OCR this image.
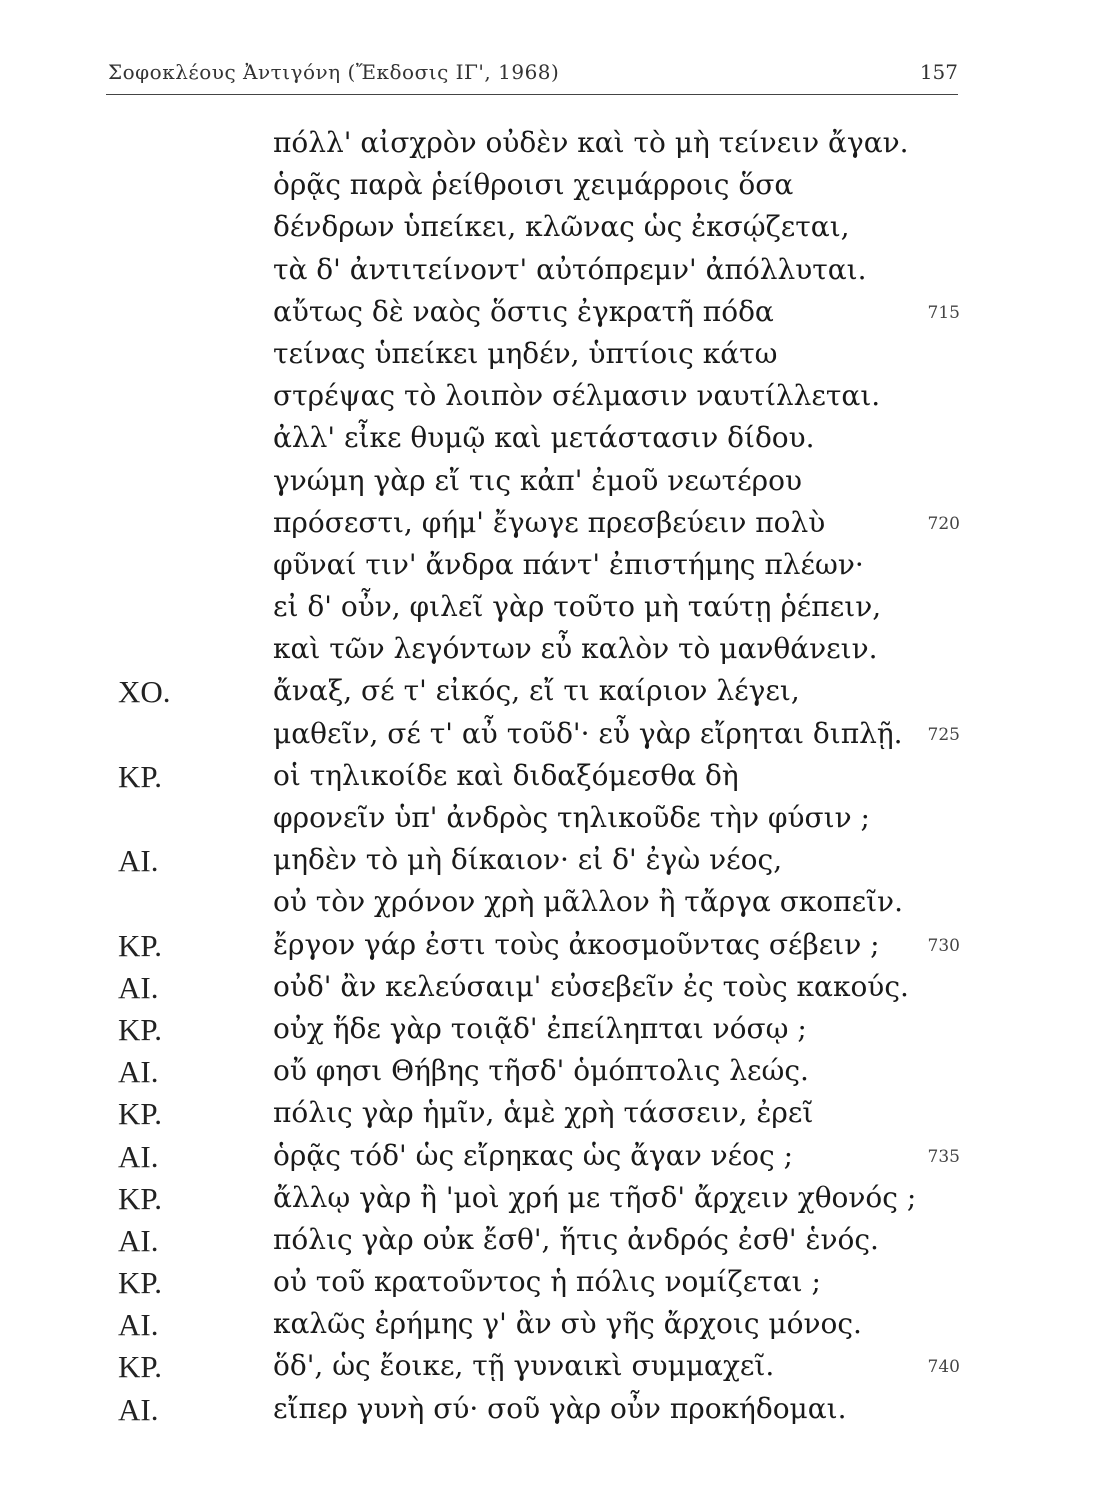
Σοφοκλέους Ἀντιγόνη (Ἔκδοσις ΙΓ', 1968)	157
πόλλ' αἰσχρὸν οὐδὲν καὶ τὸ μὴ τείνειν ἄγαν.
ὁρᾷς παρὰ ῥείθροισι χειμάρροις ὅσα
δένδρων ὑπείκει, κλῶνας ὡς ἐκσῴζεται,
τὰ δ' ἀντιτείνοντ' αὐτόπρεμν' ἀπόλλυται.
αὔτως δὲ ναὸς ὅστις ἐγκρατῆ πόδα	715
τείνας ὑπείκει μηδέν, ὑπτίοις κάτω
στρέψας τὸ λοιπὸν σέλμασιν ναυτίλλεται.
ἀλλ' εἶκε θυμῷ καὶ μετάστασιν δίδου.
γνώμη γὰρ εἴ τις κἀπ' ἐμοῦ νεωτέρου
πρόσεστι, φήμ' ἔγωγε πρεσβεύειν πολὺ	720
φῦναί τιν' ἄνδρα πάντ' ἐπιστήμης πλέων·
εἰ δ' οὖν, φιλεῖ γὰρ τοῦτο μὴ ταύτῃ ῥέπειν,
καὶ τῶν λεγόντων εὖ καλὸν τὸ μανθάνειν.
ΧΟ.	ἄναξ, σέ τ' εἰκός, εἴ τι καίριον λέγει,
μαθεῖν, σέ τ' αὖ τοῦδ'· εὖ γὰρ εἴρηται διπλῇ. 725
ΚΡ.	οἱ τηλικοίδε καὶ διδαξόμεσθα δὴ
φρονεῖν ὑπ' ἀνδρὸς τηλικοῦδε τὴν φύσιν ;
ΑΙ.	μηδὲν τὸ μὴ δίκαιον· εἰ δ' ἐγὼ νέος,
οὐ τὸν χρόνον χρὴ μᾶλλον ἢ τἄργα σκοπεῖν.
ΚΡ.	ἔργον γάρ ἐστι τοὺς ἀκοσμοῦντας σέβειν ;	730
ΑΙ.	οὐδ' ἂν κελεύσαιμ' εὐσεβεῖν ἐς τοὺς κακούς.
ΚΡ.	οὐχ ἥδε γὰρ τοιᾷδ' ἐπείληπται νόσῳ ;
ΑΙ.	οὔ φησι Θήβης τῆσδ' ὁμόπτολις λεώς.
ΚΡ.	πόλις γὰρ ἡμῖν, ἁμὲ χρὴ τάσσειν, ἐρεῖ
ΑΙ.	ὁρᾷς τόδ' ὡς εἴρηκας ὡς ἄγαν νέος ;	735
ΚΡ.	ἄλλῳ γὰρ ἢ 'μοὶ χρή με τῆσδ' ἄρχειν χθονός ;
ΑΙ.	πόλις γὰρ οὐκ ἔσθ', ἥτις ἀνδρός ἐσθ' ἑνός.
ΚΡ.	οὐ τοῦ κρατοῦντος ἡ πόλις νομίζεται ;
ΑΙ.	καλῶς ἐρήμης γ' ἂν σὺ γῆς ἄρχοις μόνος.
ΚΡ.	ὅδ', ὡς ἔοικε, τῇ γυναικὶ συμμαχεῖ.	740
ΑΙ.	εἴπερ γυνὴ σύ· σοῦ γὰρ οὖν προκήδομαι.
